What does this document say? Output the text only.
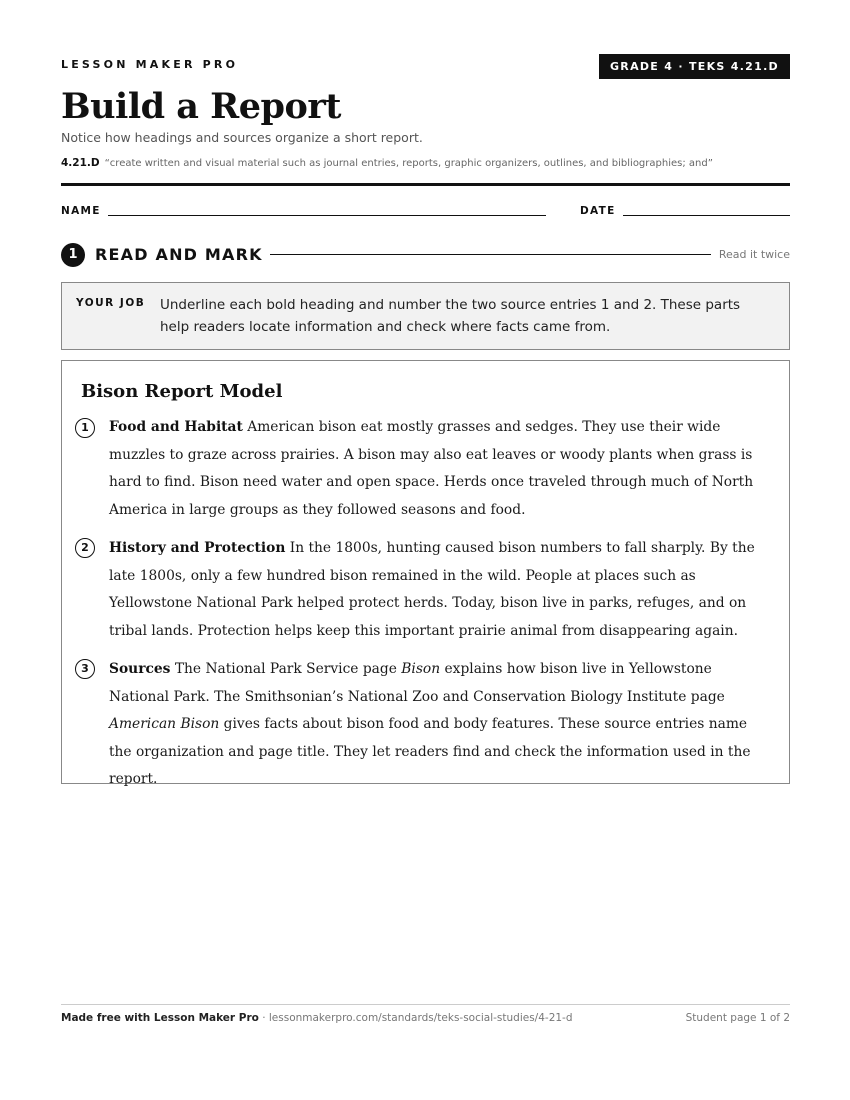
LESSON MAKER PRO	GRADE 4 · TEKS 4.21.D
Build a Report
Notice how headings and sources organize a short report.
4.21.D “create written and visual material such as journal entries, reports, graphic organizers, outlines, and bibliographies; and”
NAME	DATE
1	READ AND MARK	Read it twice
YOUR JOB Underline each bold heading and number the two source entries 1 and 2. These parts help readers locate information and check where facts came from.
Bison Report Model
1	Food and Habitat American bison eat mostly grasses and sedges. They use their wide muzzles to graze across prairies. A bison may also eat leaves or woody plants when grass is hard to find. Bison need water and open space. Herds once traveled through much of North America in large groups as they followed seasons and food.
2	History and Protection In the 1800s, hunting caused bison numbers to fall sharply. By the late 1800s, only a few hundred bison remained in the wild. People at places such as Yellowstone National Park helped protect herds. Today, bison live in parks, refuges, and on tribal lands. Protection helps keep this important prairie animal from disappearing again.
3	Sources The National Park Service page Bison explains how bison live in Yellowstone National Park. The Smithsonian’s National Zoo and Conservation Biology Institute page American Bison gives facts about bison food and body features. These source entries name the organization and page title. They let readers find and check the information used in the report.
Made free with Lesson Maker Pro · lessonmakerpro.com/standards/teks-social-studies/4-21-d	Student page 1 of 2
